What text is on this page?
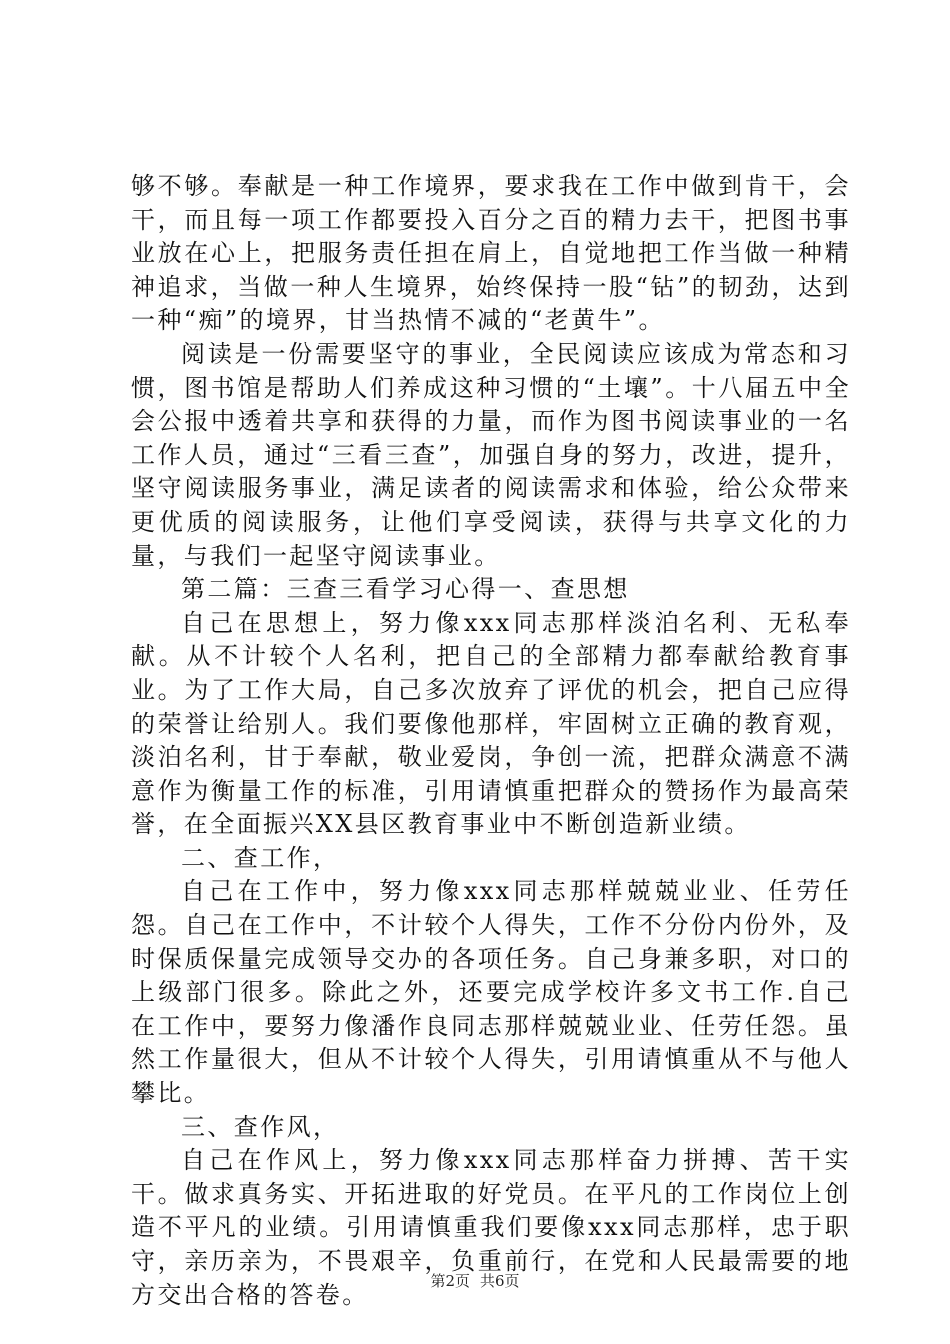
够不够。奉献是一种工作境界，要求我在工作中做到肯干，会干，而且每一项工作都要投入百分之百的精力去干，把图书事业放在心上，把服务责任担在肩上，自觉地把工作当做一种精神追求，当做一种人生境界，始终保持一股“钻”的韧劲，达到一种“痴”的境界，甘当热情不减的“老黄牛”。

阅读是一份需要坚守的事业，全民阅读应该成为常态和习惯，图书馆是帮助人们养成这种习惯的“土壤”。十八届五中全会公报中透着共享和获得的力量，而作为图书阅读事业的一名工作人员，通过“三看三查”，加强自身的努力，改进，提升，坚守阅读服务事业，满足读者的阅读需求和体验，给公众带来更优质的阅读服务，让他们享受阅读，获得与共享文化的力量，与我们一起坚守阅读事业。

第二篇：三查三看学习心得一、查思想

自己在思想上，努力像xxx同志那样淡泊名利、无私奉献。从不计较个人名利，把自己的全部精力都奉献给教育事业。为了工作大局，自己多次放弃了评优的机会，把自己应得的荣誉让给别人。我们要像他那样，牢固树立正确的教育观，淡泊名利，甘于奉献，敬业爱岗，争创一流，把群众满意不满意作为衡量工作的标准，引用请慎重把群众的赞扬作为最高荣誉，在全面振兴XX县区教育事业中不断创造新业绩。

二、查工作，

自己在工作中，努力像xxx同志那样兢兢业业、任劳任怨。自己在工作中，不计较个人得失，工作不分份内份外，及时保质保量完成领导交办的各项任务。自己身兼多职，对口的上级部门很多。除此之外，还要完成学校许多文书工作.自己在工作中，要努力像潘作良同志那样兢兢业业、任劳任怨。虽然工作量很大，但从不计较个人得失，引用请慎重从不与他人攀比。

三、查作风，

自己在作风上，努力像xxx同志那样奋力拼搏、苦干实干。做求真务实、开拓进取的好党员。在平凡的工作岗位上创造不平凡的业绩。引用请慎重我们要像xxx同志那样，忠于职守，亲历亲为，不畏艰辛，负重前行，在党和人民最需要的地方交出合格的答卷。	第2页 共6页
